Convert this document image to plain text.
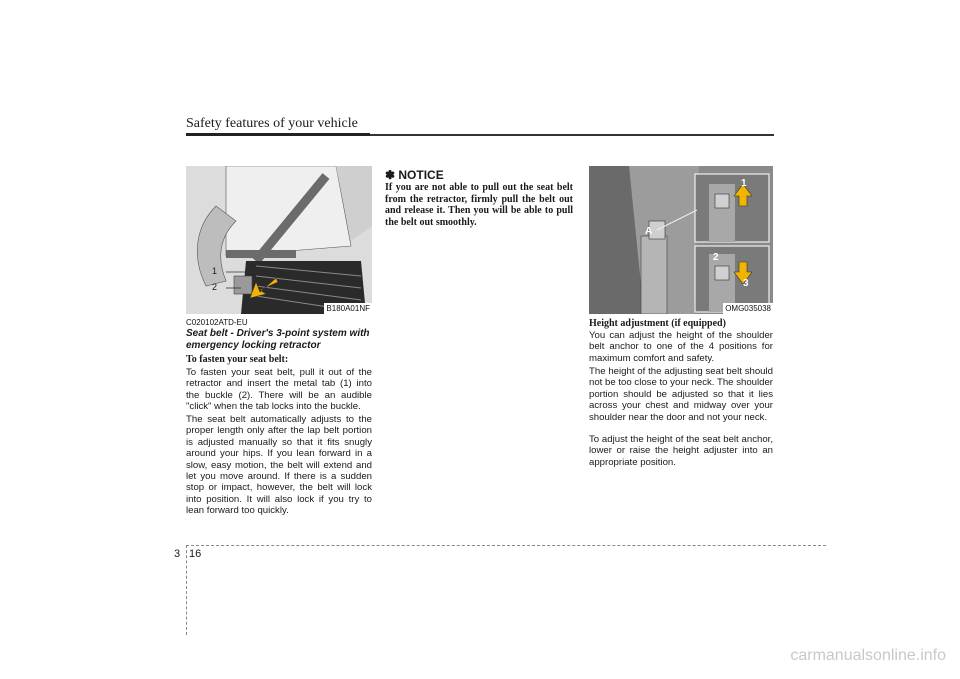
Safety features of your vehicle
1
2
B180A01NF
C020102ATD-EU
Seat belt - Driver's 3-point system with emergency locking retractor
To fasten your seat belt:
To fasten your seat belt, pull it out of the retractor and insert the metal tab (1) into the buckle (2). There will be an audible "click" when the tab locks into the buckle.
The seat belt automatically adjusts to the proper length only after the lap belt portion is adjusted manually so that it fits snugly around your hips. If you lean forward in a slow, easy motion, the belt will extend and let you move around. If there is a sudden stop or impact, however, the belt will lock into position. It will also lock if you try to lean forward too quickly.
✽ NOTICE
If you are not able to pull out the seat belt from the retractor, firmly pull the belt out and release it. Then you will be able to pull the belt out smoothly.
1
2
3
A
OMG035038
Height adjustment (if equipped)
You can adjust the height of the shoulder belt anchor to one of the 4 positions for maximum comfort and safety.
The height of the adjusting seat belt should not be too close to your neck. The shoulder portion should be adjusted so that it lies across your chest and midway over your shoulder near the door and not your neck.
To adjust the height of the seat belt anchor, lower or raise the height adjuster into an appropriate position.
3 16
carmanualsonline.info
